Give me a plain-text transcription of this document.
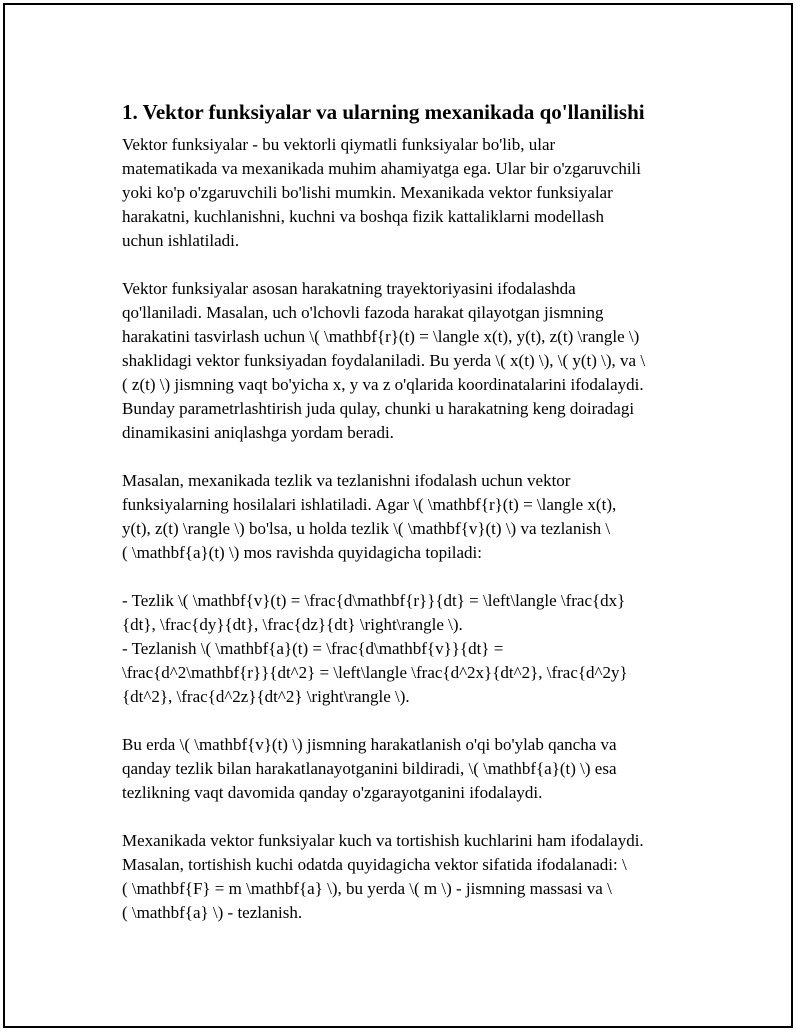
1. Vektor funksiyalar va ularning mexanikada qo'llanilishi

Vektor funksiyalar - bu vektorli qiymatli funksiyalar bo'lib, ular
matematikada va mexanikada muhim ahamiyatga ega. Ular bir o'zgaruvchili
yoki ko'p o'zgaruvchili bo'lishi mumkin. Mexanikada vektor funksiyalar
harakatni, kuchlanishni, kuchni va boshqa fizik kattaliklarni modellash
uchun ishlatiladi.

Vektor funksiyalar asosan harakatning trayektoriyasini ifodalashda
qo'llaniladi. Masalan, uch o'lchovli fazoda harakat qilayotgan jismning
harakatini tasvirlash uchun \( \mathbf{r}(t) = \langle x(t), y(t), z(t) \rangle \)
shaklidagi vektor funksiyadan foydalaniladi. Bu yerda \( x(t) \), \( y(t) \), va \
( z(t) \) jismning vaqt bo'yicha x, y va z o'qlarida koordinatalarini ifodalaydi.
Bunday parametrlashtirish juda qulay, chunki u harakatning keng doiradagi
dinamikasini aniqlashga yordam beradi.

Masalan, mexanikada tezlik va tezlanishni ifodalash uchun vektor
funksiyalarning hosilalari ishlatiladi. Agar \( \mathbf{r}(t) = \langle x(t),
y(t), z(t) \rangle \) bo'lsa, u holda tezlik \( \mathbf{v}(t) \) va tezlanish \
( \mathbf{a}(t) \) mos ravishda quyidagicha topiladi:

- Tezlik \( \mathbf{v}(t) = \frac{d\mathbf{r}}{dt} = \left\langle \frac{dx}
{dt}, \frac{dy}{dt}, \frac{dz}{dt} \right\rangle \).
- Tezlanish \( \mathbf{a}(t) = \frac{d\mathbf{v}}{dt} =
\frac{d^2\mathbf{r}}{dt^2} = \left\langle \frac{d^2x}{dt^2}, \frac{d^2y}
{dt^2}, \frac{d^2z}{dt^2} \right\rangle \).

Bu erda \( \mathbf{v}(t) \) jismning harakatlanish o'qi bo'ylab qancha va
qanday tezlik bilan harakatlanayotganini bildiradi, \( \mathbf{a}(t) \) esa
tezlikning vaqt davomida qanday o'zgarayotganini ifodalaydi.

Mexanikada vektor funksiyalar kuch va tortishish kuchlarini ham ifodalaydi.
Masalan, tortishish kuchi odatda quyidagicha vektor sifatida ifodalanadi: \
( \mathbf{F} = m \mathbf{a} \), bu yerda \( m \) - jismning massasi va \
( \mathbf{a} \) - tezlanish.
